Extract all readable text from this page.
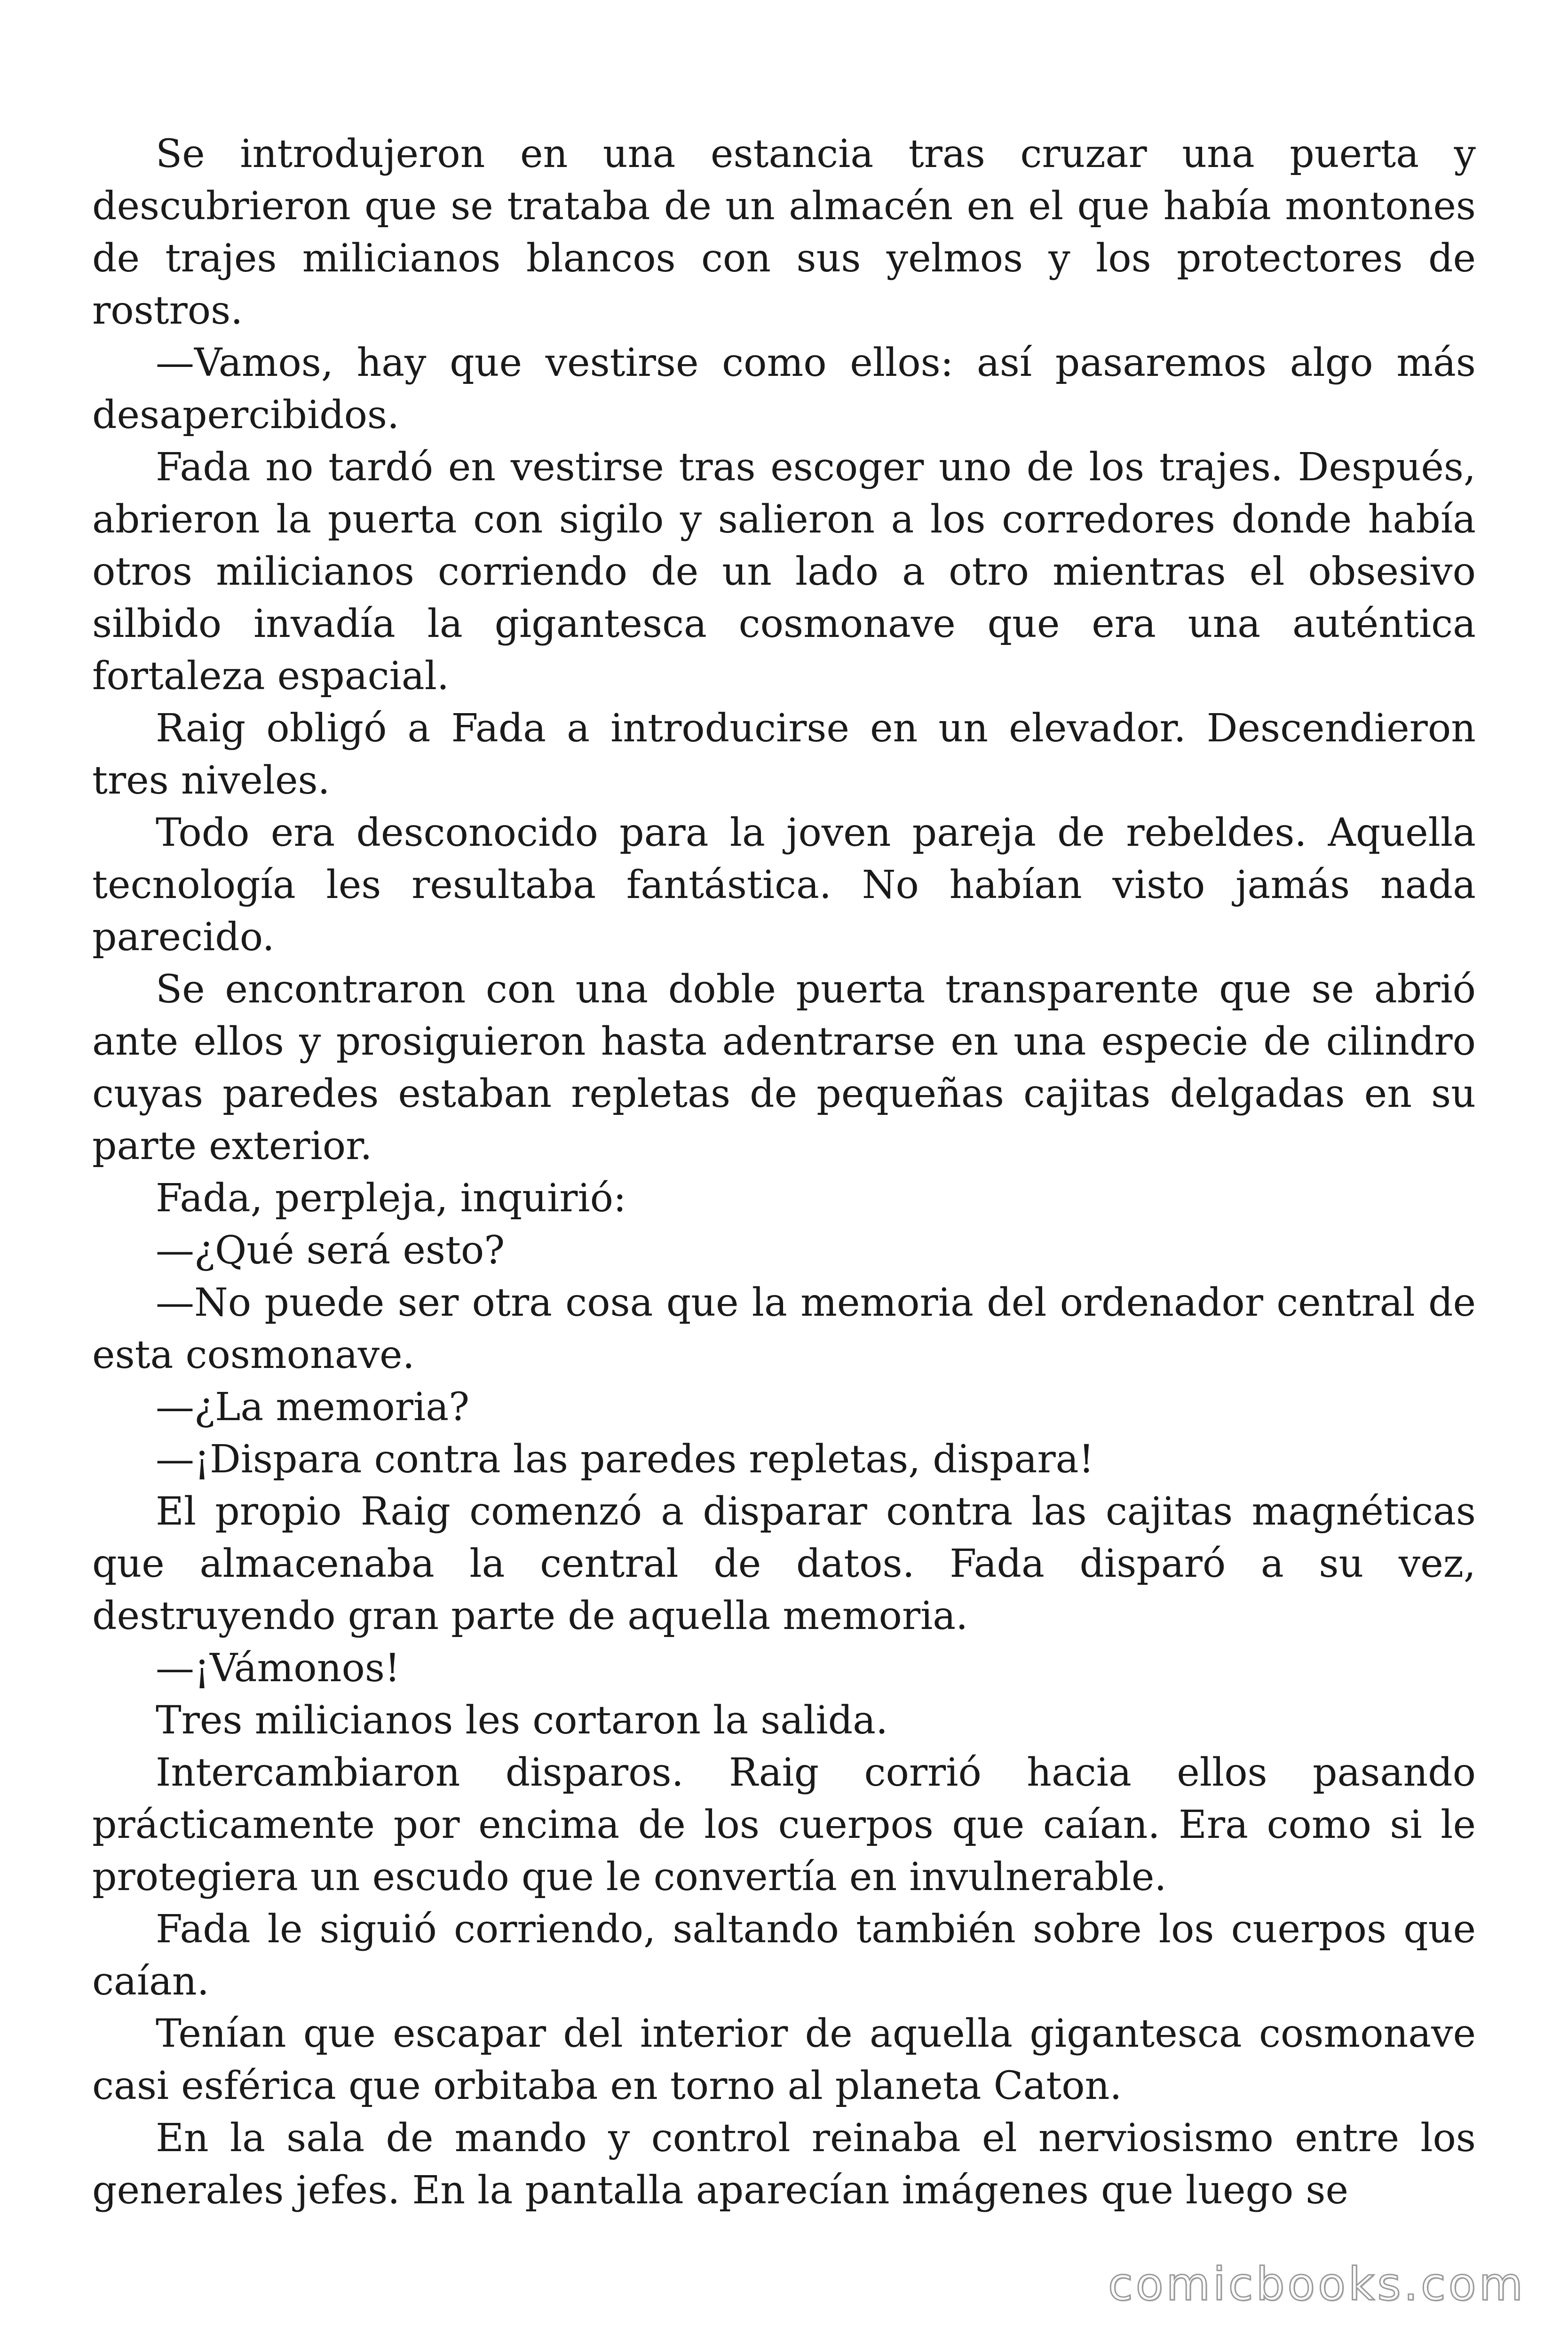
Se introdujeron en una estancia tras cruzar una puerta y descubrieron que se trataba de un almacén en el que había montones de trajes milicianos blancos con sus yelmos y los protectores de rostros.

—Vamos, hay que vestirse como ellos: así pasaremos algo más desapercibidos.

Fada no tardó en vestirse tras escoger uno de los trajes. Después, abrieron la puerta con sigilo y salieron a los corredores donde había otros milicianos corriendo de un lado a otro mientras el obsesivo silbido invadía la gigantesca cosmonave que era una auténtica fortaleza espacial.

Raig obligó a Fada a introducirse en un elevador. Descendieron tres niveles.

Todo era desconocido para la joven pareja de rebeldes. Aquella tecnología les resultaba fantástica. No habían visto jamás nada parecido.

Se encontraron con una doble puerta transparente que se abrió ante ellos y prosiguieron hasta adentrarse en una especie de cilindro cuyas paredes estaban repletas de pequeñas cajitas delgadas en su parte exterior.

Fada, perpleja, inquirió:

—¿Qué será esto?

—No puede ser otra cosa que la memoria del ordenador central de esta cosmonave.

—¿La memoria?

—¡Dispara contra las paredes repletas, dispara!

El propio Raig comenzó a disparar contra las cajitas magnéticas que almacenaba la central de datos. Fada disparó a su vez, destruyendo gran parte de aquella memoria.

—¡Vámonos!

Tres milicianos les cortaron la salida.

Intercambiaron disparos. Raig corrió hacia ellos pasando prácticamente por encima de los cuerpos que caían. Era como si le protegiera un escudo que le convertía en invulnerable.

Fada le siguió corriendo, saltando también sobre los cuerpos que caían.

Tenían que escapar del interior de aquella gigantesca cosmonave casi esférica que orbitaba en torno al planeta Caton.

En la sala de mando y control reinaba el nerviosismo entre los generales jefes. En la pantalla aparecían imágenes que luego se

comicbooks.com
